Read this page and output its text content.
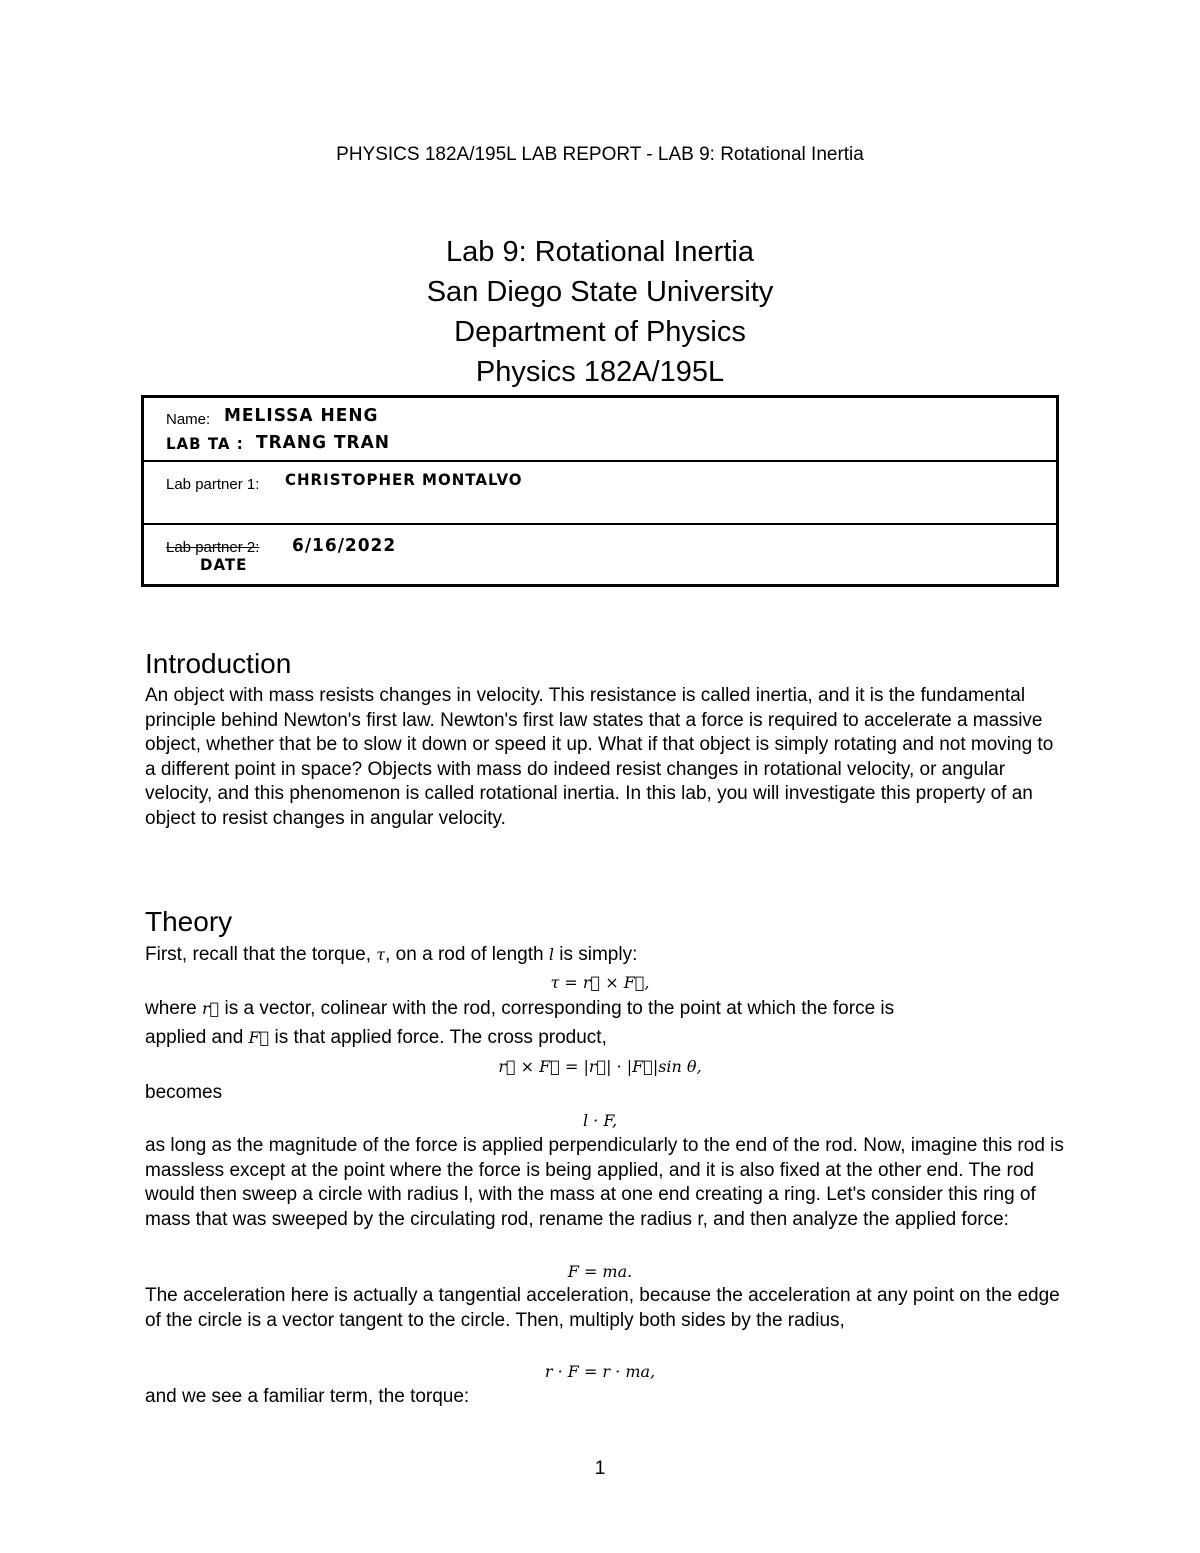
PHYSICS 182A/195L LAB REPORT - LAB 9: Rotational Inertia
Lab 9: Rotational Inertia
San Diego State University
Department of Physics
Physics 182A/195L
Name: MELISSA HENG
LAB TA : TRANG TRAN
Lab partner 1: CHRISTOPHER MONTALVO
Lab partner 2:
DATE
6/16/2022
Introduction
An object with mass resists changes in velocity. This resistance is called inertia, and it is the fundamental principle behind Newton's first law. Newton's first law states that a force is required to accelerate a massive object, whether that be to slow it down or speed it up. What if that object is simply rotating and not moving to a different point in space? Objects with mass do indeed resist changes in rotational velocity, or angular velocity, and this phenomenon is called rotational inertia. In this lab, you will investigate this property of an object to resist changes in angular velocity.
Theory
First, recall that the torque, τ, on a rod of length l is simply:
τ = r⃗ × F⃗,
where r⃗ is a vector, colinear with the rod, corresponding to the point at which the force is
applied and F⃗ is that applied force. The cross product,
r⃗ × F⃗ = |r⃗| · |F⃗|sin θ,
becomes
l · F,
as long as the magnitude of the force is applied perpendicularly to the end of the rod. Now, imagine this rod is massless except at the point where the force is being applied, and it is also fixed at the other end. The rod would then sweep a circle with radius l, with the mass at one end creating a ring. Let's consider this ring of mass that was sweeped by the circulating rod, rename the radius r, and then analyze the applied force:
F = ma.
The acceleration here is actually a tangential acceleration, because the acceleration at any point on the edge of the circle is a vector tangent to the circle. Then, multiply both sides by the radius,
r · F = r · ma,
and we see a familiar term, the torque:
1
